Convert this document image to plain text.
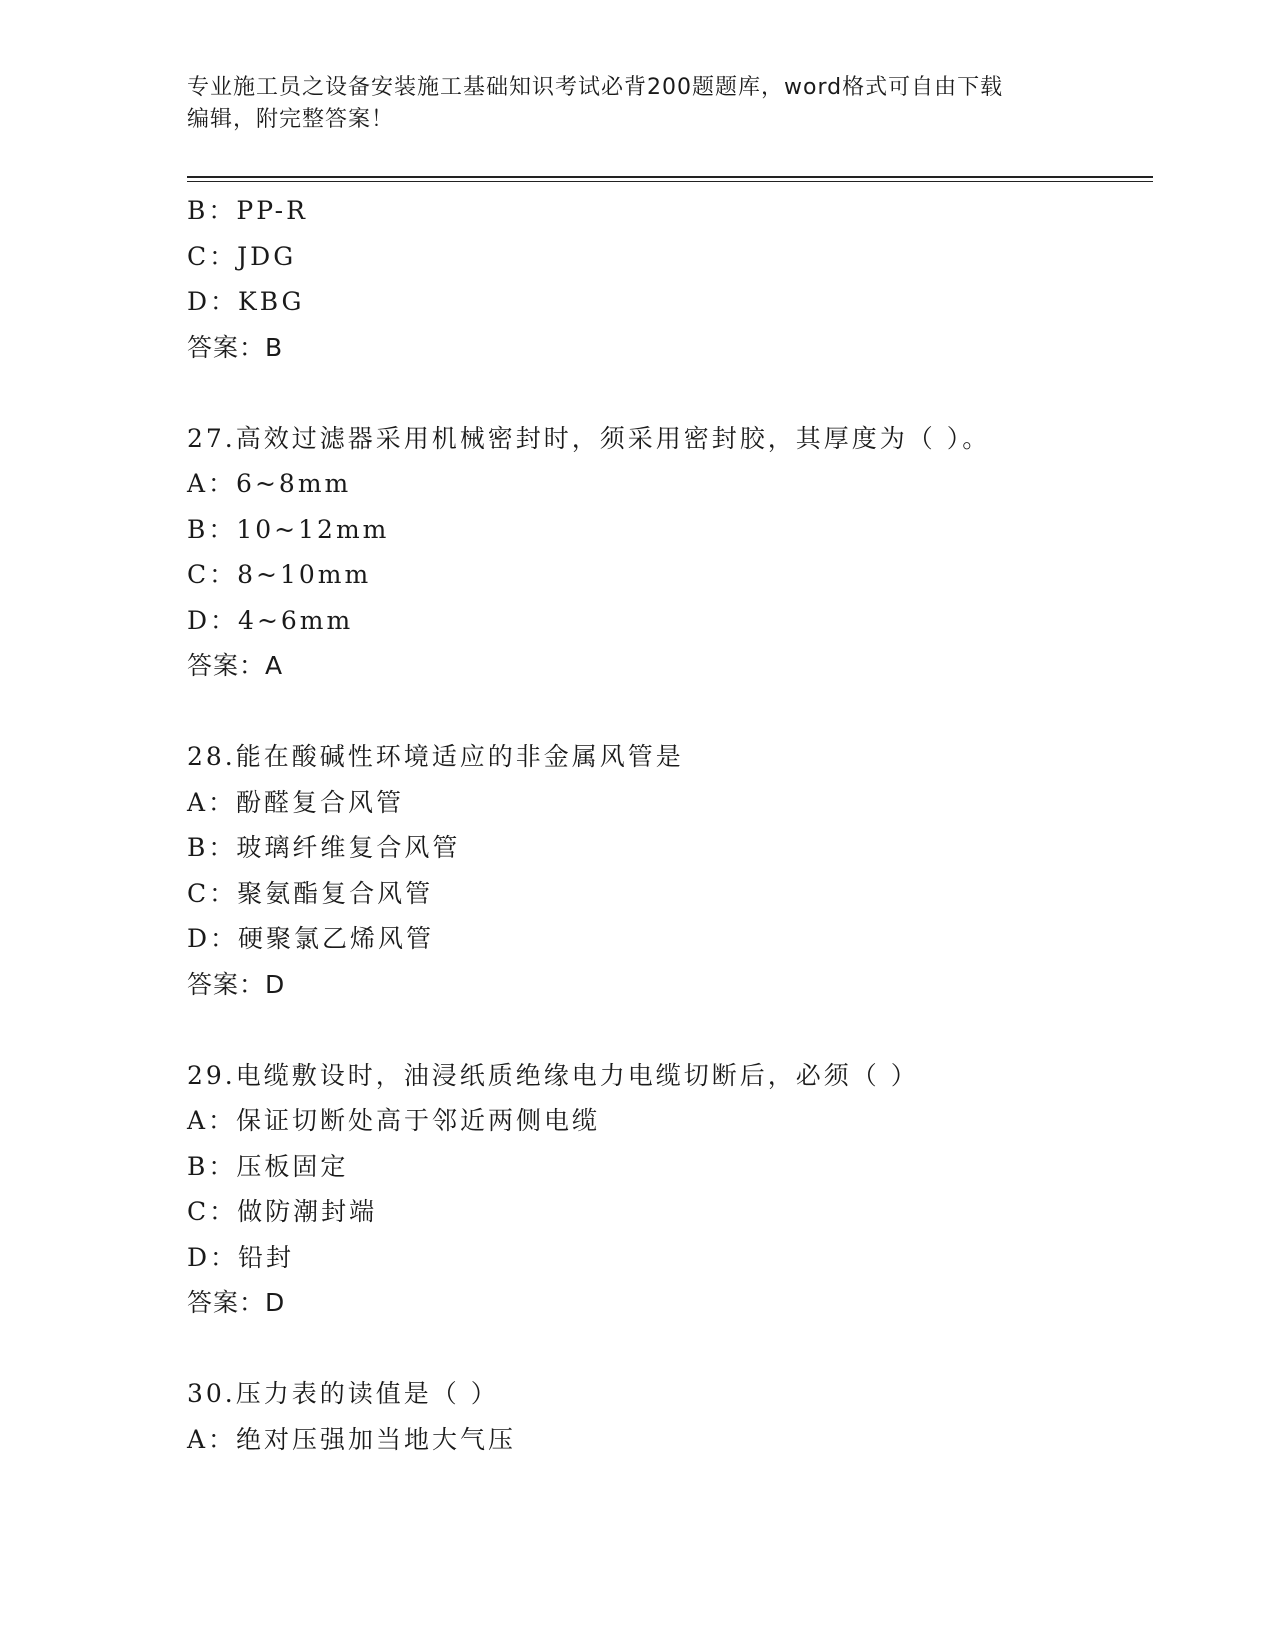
专业施工员之设备安装施工基础知识考试必背200题题库，word格式可自由下载
编辑，附完整答案！
B：PP-R
C：JDG
D：KBG
答案：B
27.高效过滤器采用机械密封时，须采用密封胶，其厚度为（ ）。
A：6~8mm
B：10~12mm
C：8~10mm
D：4~6mm
答案：A
28.能在酸碱性环境适应的非金属风管是
A：酚醛复合风管
B：玻璃纤维复合风管
C：聚氨酯复合风管
D：硬聚氯乙烯风管
答案：D
29.电缆敷设时，油浸纸质绝缘电力电缆切断后，必须（ ）
A：保证切断处高于邻近两侧电缆
B：压板固定
C：做防潮封端
D：铅封
答案：D
30.压力表的读值是（ ）
A：绝对压强加当地大气压
